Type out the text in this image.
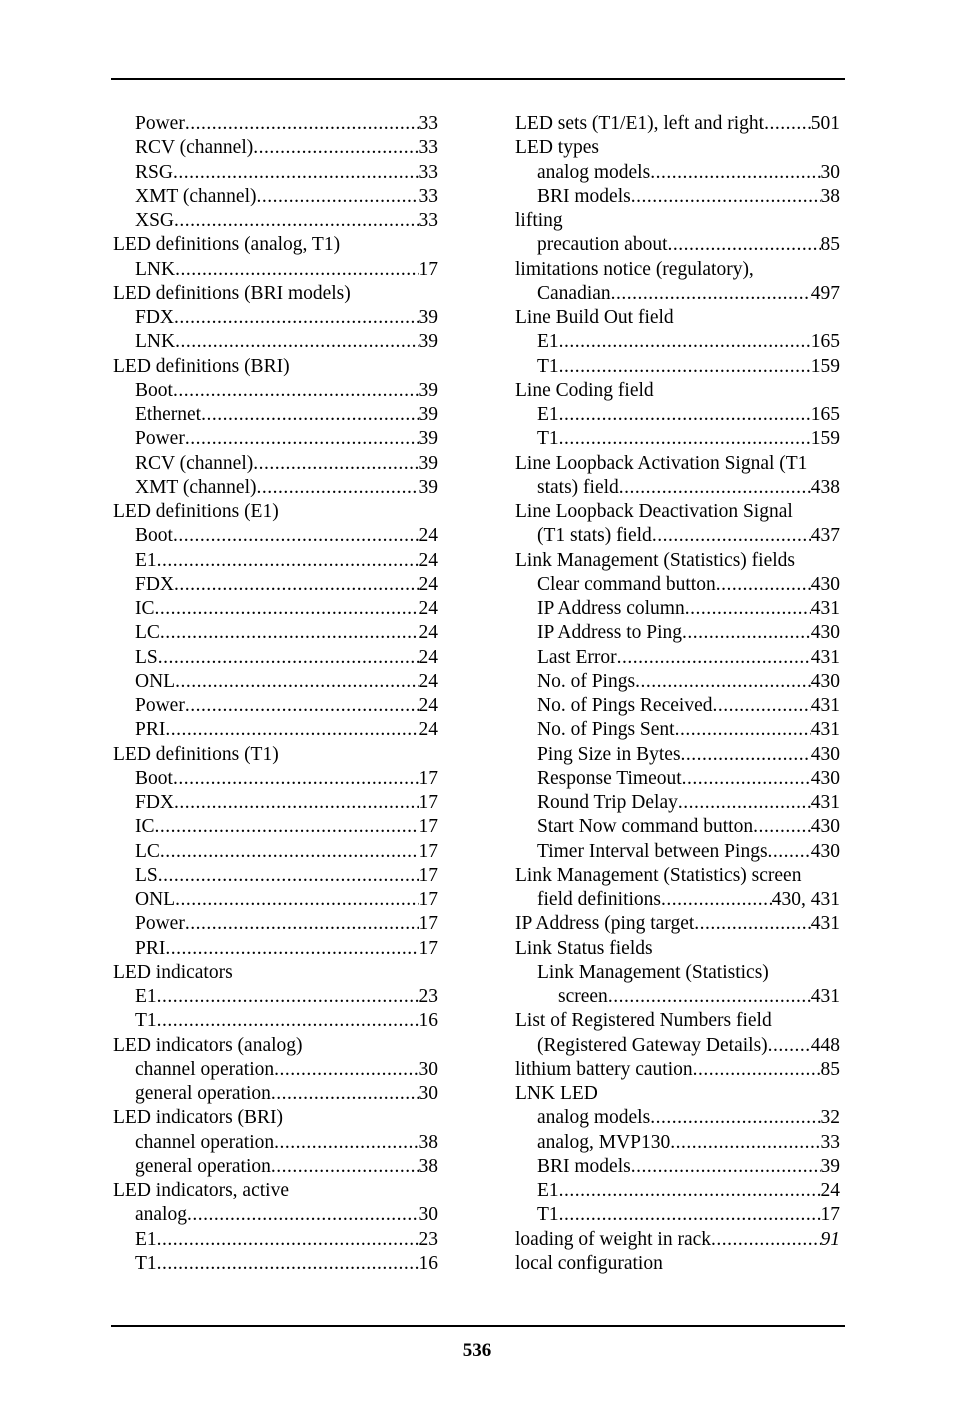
Power .....	33
RCV (channel) .....	33
RSG .....	33
XMT (channel) .....	33
XSG .....	33
LED definitions (analog, T1)
LNK .....	17
LED definitions (BRI models)
FDX .....	39
LNK .....	39
LED definitions (BRI)
Boot .....	39
Ethernet .....	39
Power .....	39
RCV (channel) .....	39
XMT (channel) .....	39
LED definitions (E1)
Boot .....	24
E1 .....	24
FDX .....	24
IC .....	24
LC .....	24
LS .....	24
ONL .....	24
Power .....	24
PRI .....	24
LED definitions (T1)
Boot .....	17
FDX .....	17
IC .....	17
LC .....	17
LS .....	17
ONL .....	17
Power .....	17
PRI .....	17
LED indicators
E1 .....	23
T1 .....	16
LED indicators (analog)
channel operation .....	30
general operation .....	30
LED indicators (BRI)
channel operation .....	38
general operation .....	38
LED indicators, active
analog .....	30
E1 .....	23
T1 .....	16
LED sets (T1/E1), left and right ..... 501
LED types
analog models .....	30
BRI models .....	38
lifting
precaution about .....	85
limitations notice (regulatory),
Canadian .....	497
Line Build Out field
E1 .....	165
T1 .....	159
Line Coding field
E1 .....	165
T1 .....	159
Line Loopback Activation Signal (T1
stats) field .....	438
Line Loopback Deactivation Signal
(T1 stats) field .....	437
Link Management (Statistics) fields
Clear command button .....	430
IP Address column .....	431
IP Address to Ping .....	430
Last Error .....	431
No. of Pings .....	430
No. of Pings Received .....	431
No. of Pings Sent .....	431
Ping Size in Bytes .....	430
Response Timeout .....	430
Round Trip Delay .....	431
Start Now command button .....	430
Timer Interval between Pings ..... 430
Link Management (Statistics) screen
field definitions .....	430, 431
IP Address (ping target .....	431
Link Status fields
Link Management (Statistics)
screen .....	431
List of Registered Numbers field
(Registered Gateway Details) ..... 448
lithium battery caution .....	85
LNK LED
analog models .....	32
analog, MVP130 .....	33
BRI models .....	39
E1 .....	24
T1 .....	17
loading of weight in rack .....	91
local configuration
536
